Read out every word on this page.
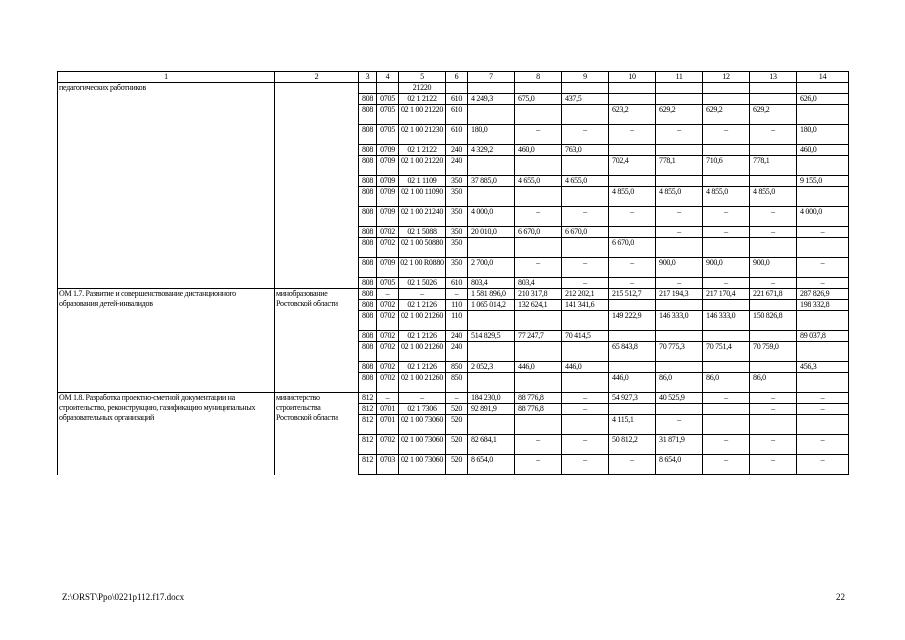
1	2	3	4	5	6	7	8	9	10	11	12	13	14
педагогических работников				21220									
		808	0705	02 1 2122	610	4 249,3	675,0	437,5					626,0
		808	0705	02 1 00 21220	610				623,2	629,2	629,2	629,2	
		808	0705	02 1 00 21230	610	180,0	–	–	–	–	–	–	180,0
		808	0709	02 1 2122	240	4 329,2	460,0	763,0					460,0
		808	0709	02 1 00 21220	240				702,4	778,1	710,6	778,1	
		808	0709	02 1 1109	350	37 885,0	4 655,0	4 655,0					9 155,0
		808	0709	02 1 00 11090	350				4 855,0	4 855,0	4 855,0	4 855,0	
		808	0709	02 1 00 21240	350	4 000,0	–	–	–	–	–	–	4 000,0
		808	0702	02 1 5088	350	20 010,0	6 670,0	6 670,0		–	–	–	–
		808	0702	02 1 00 50880	350				6 670,0				
		808	0709	02 1 00 R0880	350	2 700,0	–	–	–	900,0	900,0	900,0	–
		808	0705	02 1 5026	610	803,4	803,4	–	–	–	–	–	–
ОМ 1.7. Развитие и совершенствование дистанционного образования детей-инвалидов	минобразование Ростовской области	808	–	–	–	1 581 896,0	210 317,8	212 202,1	215 512,7	217 194,3	217 170,4	221 671,8	287 826,9
		808	0702	02 1 2126	110	1 065 014,2	132 624,1	141 341,6					198 332,8
		808	0702	02 1 00 21260	110				149 222,9	146 333,0	146 333,0	150 826,8	
		808	0702	02 1 2126	240	514 829,5	77 247,7	70 414,5					89 037,8
		808	0702	02 1 00 21260	240				65 843,8	70 775,3	70 751,4	70 759,0	
		808	0702	02 1 2126	850	2 052,3	446,0	446,0					456,3
		808	0702	02 1 00 21260	850				446,0	86,0	86,0	86,0	
ОМ 1.8. Разработка проектно-сметной документации на строительство, реконструкцию, газификацию муниципальных образовательных организаций	министерство строительства Ростовской области	812	–	–	–	184 230,0	88 776,8	–	54 927,3	40 525,9	–	–	–
		812	0701	02 1 7306	520	92 891,9	88 776,8	–				–	–
		812	0701	02 1 00 73060	520				4 115,1	–			
		812	0702	02 1 00 73060	520	82 684,1	–	–	50 812,2	31 871,9	–	–	–
		812	0703	02 1 00 73060	520	8 654,0	–	–	–	8 654,0	–	–	–
Z:\ORST\Ppo\0221p112.f17.docx	22
